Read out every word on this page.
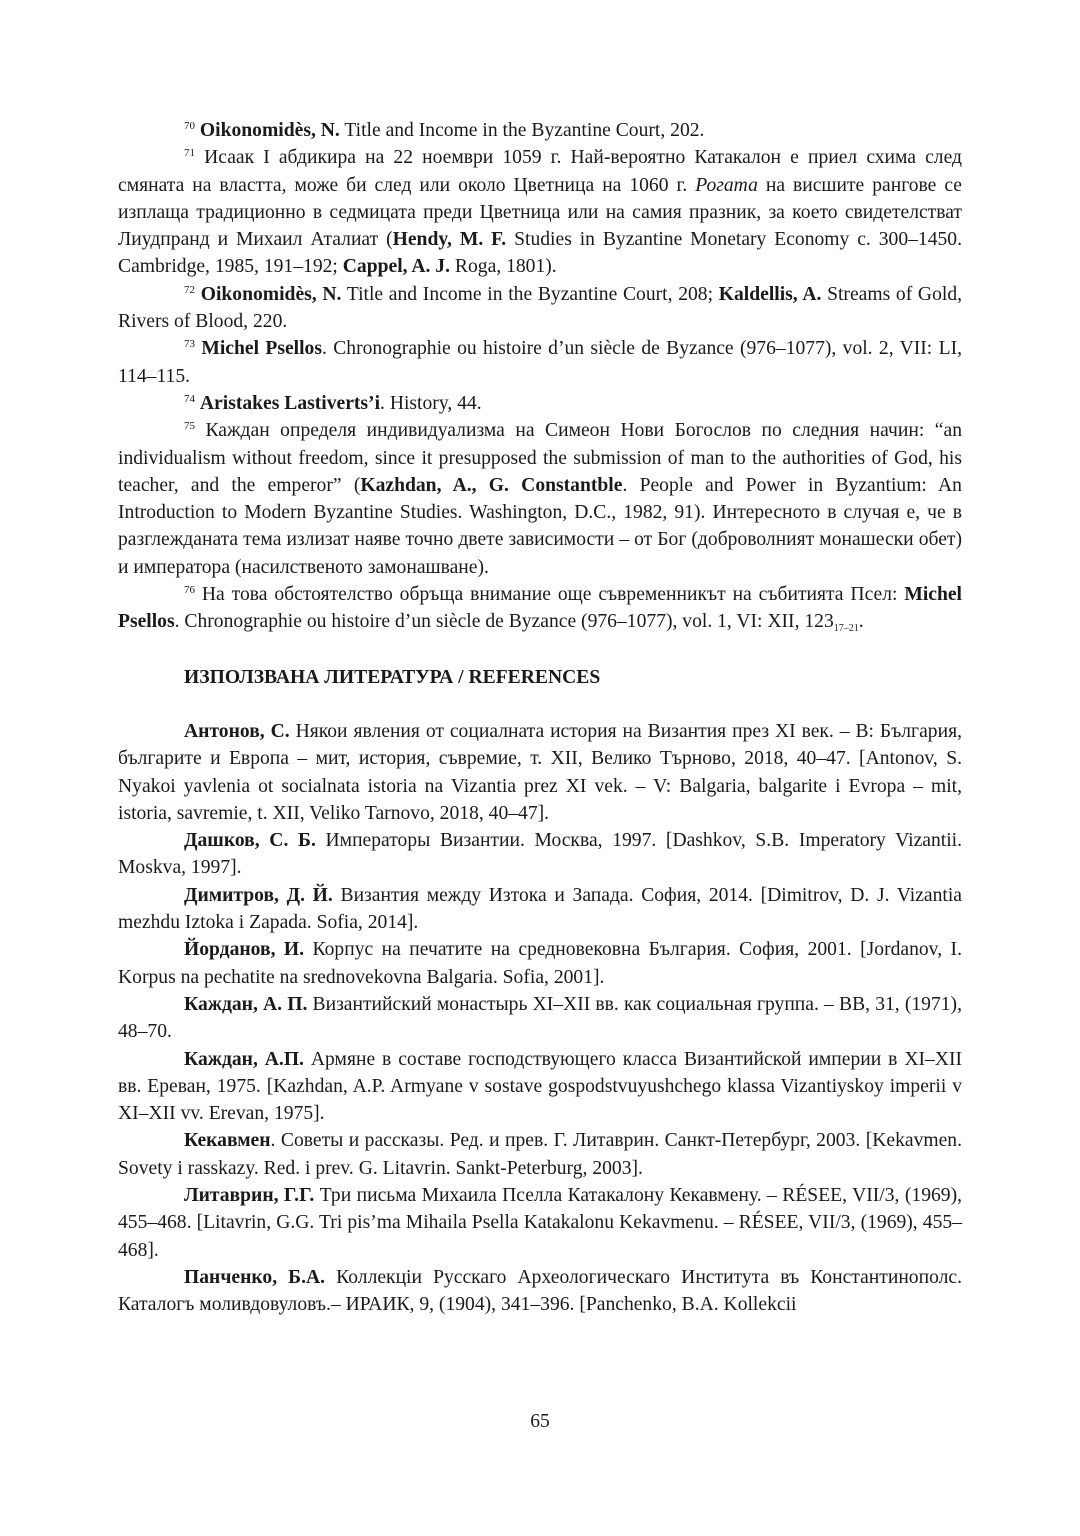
$^{70}$ Oikonomidès, N. Title and Income in the Byzantine Court, 202.

$^{71}$ Исаак I абдикира на 22 ноември 1059 г. Най-вероятно Катакалон е приел схима след смяната на властта, може би след или около Цветница на 1060 г. Рогата на висшите рангове се изплаща традиционно в седмицата преди Цветница или на самия празник, за което свидетелстват Лиудпранд и Михаил Аталиат (Hendy, M. F. Studies in Byzantine Monetary Economy c. 300–1450. Cambridge, 1985, 191–192; Cappel, A. J. Roga, 1801).

$^{72}$ Oikonomidès, N. Title and Income in the Byzantine Court, 208; Kaldellis, A. Streams of Gold, Rivers of Blood, 220.

$^{73}$ Michel Psellos. Chronographie ou histoire d’un siècle de Byzance (976–1077), vol. 2, VII: LI, 114–115.

$^{74}$ Aristakes Lastiverts’i. History, 44.

$^{75}$ Каждан определя индивидуализма на Симеон Нови Богослов по следния начин: “an individualism without freedom, since it presupposed the submission of man to the authorities of God, his teacher, and the emperor” (Kazhdan, A., G. Constantble. People and Power in Byzantium: An Introduction to Modern Byzantine Studies. Washington, D.C., 1982, 91). Интересното в случая е, че в разглежданата тема излизат наяве точно двете зависимости – от Бог (доброволният монашески обет) и императора (насилственото замонашване).

$^{76}$ На това обстоятелство обръща внимание още съвременникът на събитията Псел: Michel Psellos. Chronographie ou histoire d’un siècle de Byzance (976–1077), vol. 1, VI: XII, $123_{17-21}$.

ИЗПОЛЗВАНА ЛИТЕРАТУРА / REFERENCES

Антонов, С. Някои явления от социалната история на Византия през XI век. – В: България, българите и Европа – мит, история, съвремие, т. XII, Велико Търново, 2018, 40–47. [Antonov, S. Nyakoi yavlenia ot socialnata istoria na Vizantia prez XI vek. – V: Balgaria, balgarite i Evropa – mit, istoria, savremie, t. XII, Veliko Tarnovo, 2018, 40–47].

Дашков, С. Б. Императоры Византии. Москва, 1997. [Dashkov, S.B. Imperatory Vizantii. Moskva, 1997].

Димитров, Д. Й. Византия между Изтока и Запада. София, 2014. [Dimitrov, D. J. Vizantia mezhdu Iztoka i Zapada. Sofia, 2014].

Йорданов, И. Корпус на печатите на средновековна България. София, 2001. [Jordanov, I. Korpus na pechatite na srednovekovna Balgaria. Sofia, 2001].

Каждан, А. П. Византийский монастырь XI–XII вв. как социальная группа. – ВВ, 31, (1971), 48–70.

Каждан, А.П. Армяне в составе господствующего класса Византийской империи в XI–XII вв. Ереван, 1975. [Kazhdan, A.P. Armyane v sostave gospodstvuyushchego klassa Vizantiyskoy imperii v XI–XII vv. Erevan, 1975].

Кекавмен. Советы и рассказы. Ред. и прев. Г. Литаврин. Санкт-Петербург, 2003. [Kekavmen. Sovety i rasskazy. Red. i prev. G. Litavrin. Sankt-Peterburg, 2003].

Литаврин, Г.Г. Три письма Михаила Пселла Катакалону Кекавмену. – RÉSEE, VII/3, (1969), 455–468. [Litavrin, G.G. Tri pis’ma Mihaila Psella Katakalonu Kekavmenu. – RÉSEE, VII/3, (1969), 455–468].

Панченко, Б.А. Коллекціи Русскаго Археологическаго Института въ Константинополс. Каталогъ моливдовуловъ.– ИРАИК, 9, (1904), 341–396. [Panchenko, B.A. Kollekcii

65
